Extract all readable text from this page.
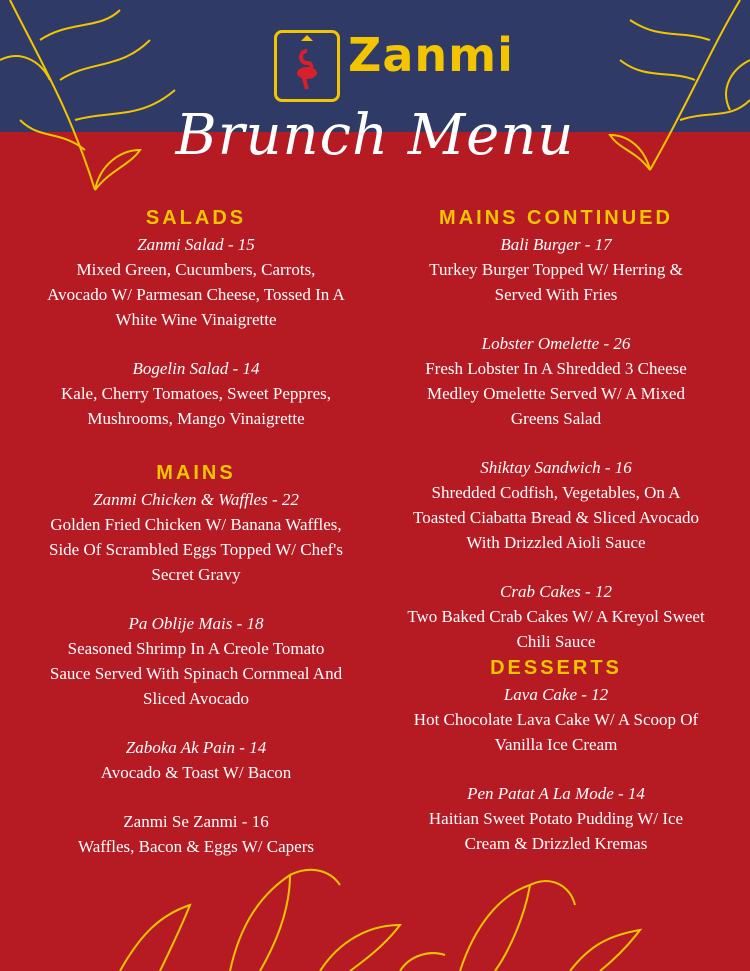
Zanmi
Brunch Menu
SALADS
Zanmi Salad - 15
Mixed Green, Cucumbers, Carrots,
Avocado W/ Parmesan Cheese, Tossed In A
White Wine Vinaigrette
Bogelin Salad - 14
Kale, Cherry Tomatoes, Sweet Peppres,
Mushrooms, Mango Vinaigrette
MAINS
Zanmi Chicken & Waffles - 22
Golden Fried Chicken W/ Banana Waffles,
Side Of Scrambled Eggs Topped W/ Chef's
Secret Gravy
Pa Oblije Mais - 18
Seasoned Shrimp In A Creole Tomato
Sauce Served With Spinach Cornmeal And
Sliced Avocado
Zaboka Ak Pain - 14
Avocado & Toast W/ Bacon
Zanmi Se Zanmi - 16
Waffles, Bacon & Eggs W/ Capers
MAINS CONTINUED
Bali Burger - 17
Turkey Burger Topped W/ Herring &
Served With Fries
Lobster Omelette - 26
Fresh Lobster In A Shredded 3 Cheese
Medley Omelette Served W/ A Mixed
Greens Salad
Shiktay Sandwich - 16
Shredded Codfish, Vegetables, On A
Toasted Ciabatta Bread & Sliced Avocado
With Drizzled Aioli Sauce
Crab Cakes - 12
Two Baked Crab Cakes W/ A Kreyol Sweet
Chili Sauce
DESSERTS
Lava Cake - 12
Hot Chocolate Lava Cake W/ A Scoop Of
Vanilla Ice Cream
Pen Patat A La Mode - 14
Haitian Sweet Potato Pudding W/ Ice
Cream & Drizzled Kremas
